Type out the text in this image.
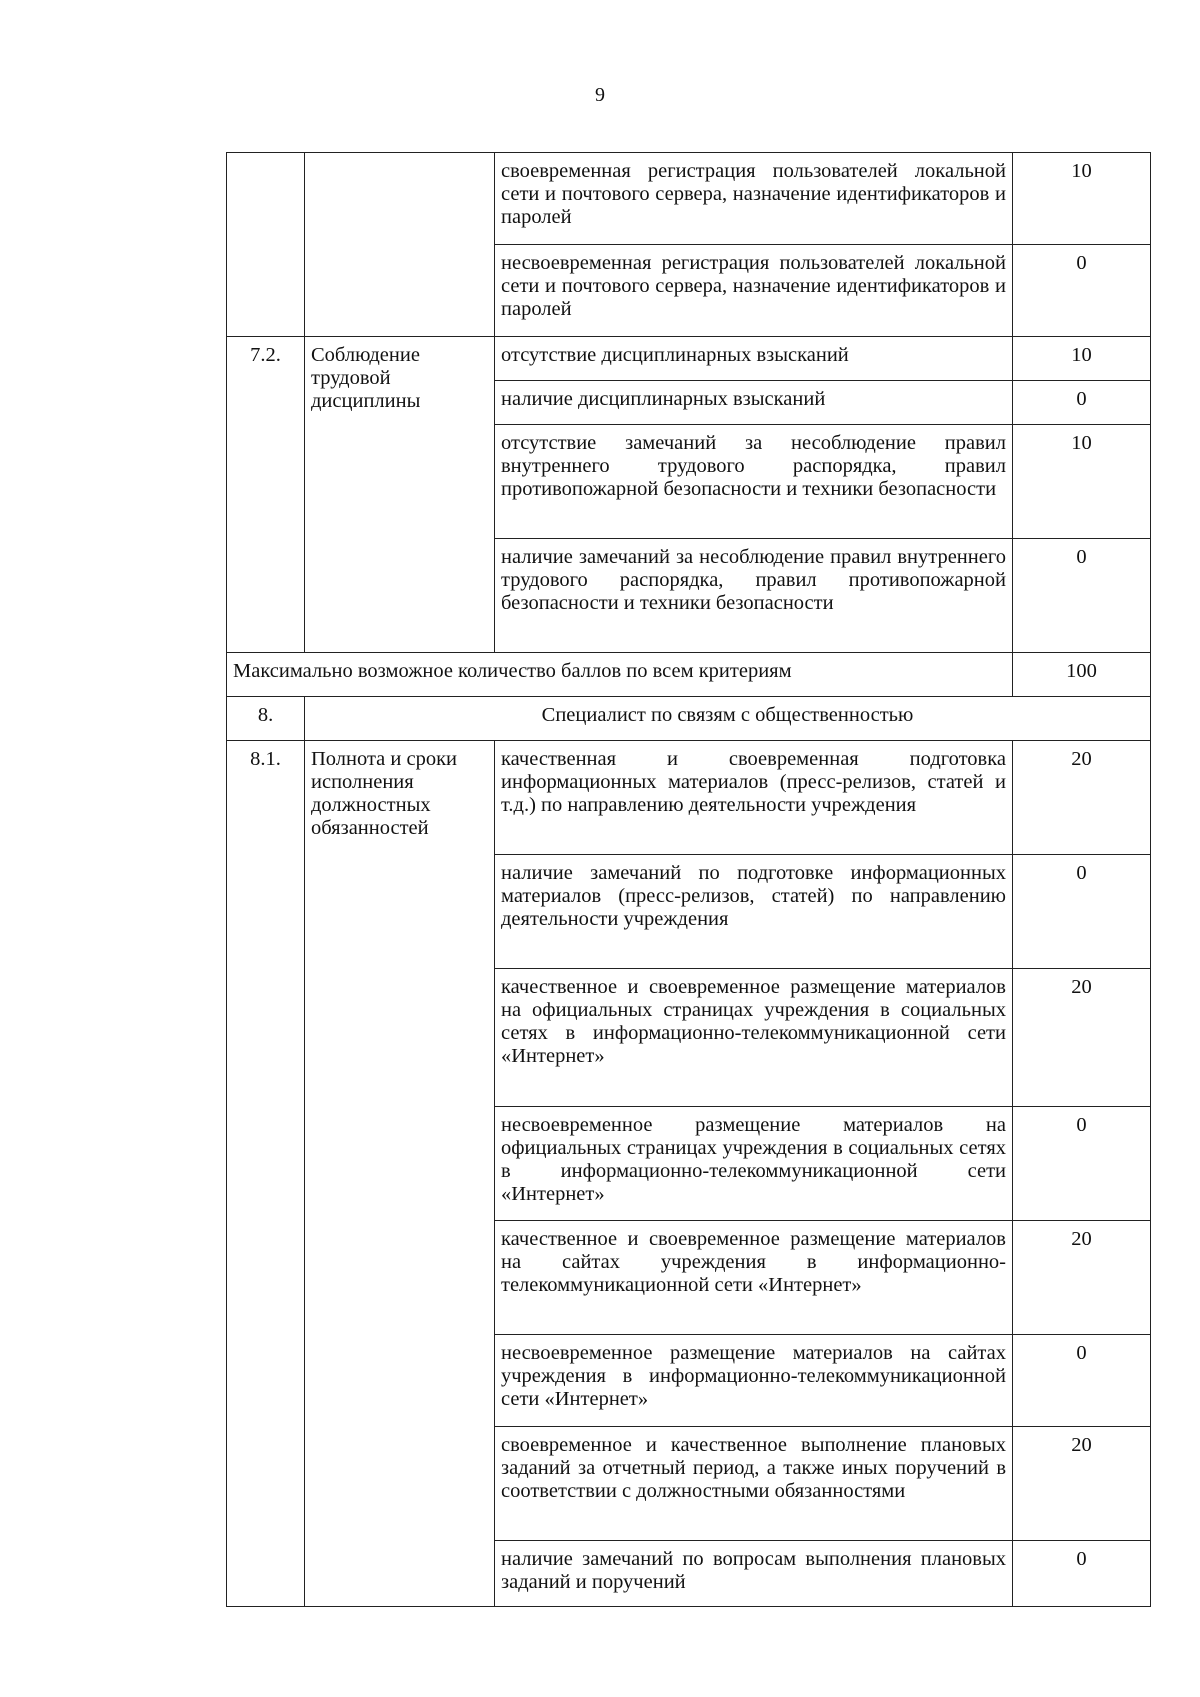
9
		своевременная регистрация пользователей локальной сети и почтового сервера, назначение идентификаторов и паролей	10
		несвоевременная регистрация пользователей локальной сети и почтового сервера, назначение идентификаторов и паролей	0
7.2.	Соблюдение трудовой дисциплины	отсутствие дисциплинарных взысканий	10
		наличие дисциплинарных взысканий	0
		отсутствие замечаний за несоблюдение правил внутреннего трудового распорядка, правил противопожарной безопасности и техники безопасности	10
		наличие замечаний за несоблюдение правил внутреннего трудового распорядка, правил противопожарной безопасности и техники безопасности	0
Максимально возможное количество баллов по всем критериям			100
8.	Специалист по связям с общественностью		
8.1.	Полнота и сроки исполнения должностных обязанностей	качественная и своевременная подготовка информационных материалов (пресс-релизов, статей и т.д.) по направлению деятельности учреждения	20
		наличие замечаний по подготовке информационных материалов (пресс-релизов, статей) по направлению деятельности учреждения	0
		качественное и своевременное размещение материалов на официальных страницах учреждения в социальных сетях в информационно-телекоммуникационной сети «Интернет»	20
		несвоевременное размещение материалов на официальных страницах учреждения в социальных сетях в информационно-телекоммуникационной сети «Интернет»	0
		качественное и своевременное размещение материалов на сайтах учреждения в информационно-телекоммуникационной сети «Интернет»	20
		несвоевременное размещение материалов на сайтах учреждения в информационно-телекоммуникационной сети «Интернет»	0
		своевременное и качественное выполнение плановых заданий за отчетный период, а также иных поручений в соответствии с должностными обязанностями	20
		наличие замечаний по вопросам выполнения плановых заданий и поручений	0
